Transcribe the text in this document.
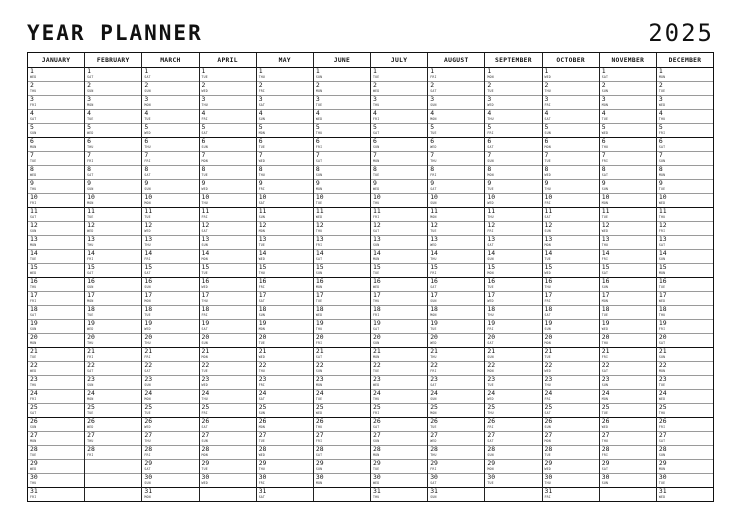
YEAR PLANNER	2025
JANUARY
1
WED
2
THU
3
FRI
4
SAT
5
SUN
6
MON
7
TUE
8
WED
9
THU
10
FRI
11
SAT
12
SUN
13
MON
14
TUE
15
WED
16
THU
17
FRI
18
SAT
19
SUN
20
MON
21
TUE
22
WED
23
THU
24
FRI
25
SAT
26
SUN
27
MON
28
TUE
29
WED
30
THU
31
FRI
FEBRUARY
1
SAT
2
SUN
3
MON
4
TUE
5
WED
6
THU
7
FRI
8
SAT
9
SUN
10
MON
11
TUE
12
WED
13
THU
14
FRI
15
SAT
16
SUN
17
MON
18
TUE
19
WED
20
THU
21
FRI
22
SAT
23
SUN
24
MON
25
TUE
26
WED
27
THU
28
FRI
MARCH
1
SAT
2
SUN
3
MON
4
TUE
5
WED
6
THU
7
FRI
8
SAT
9
SUN
10
MON
11
TUE
12
WED
13
THU
14
FRI
15
SAT
16
SUN
17
MON
18
TUE
19
WED
20
THU
21
FRI
22
SAT
23
SUN
24
MON
25
TUE
26
WED
27
THU
28
FRI
29
SAT
30
SUN
31
MON
APRIL
1
TUE
2
WED
3
THU
4
FRI
5
SAT
6
SUN
7
MON
8
TUE
9
WED
10
THU
11
FRI
12
SAT
13
SUN
14
MON
15
TUE
16
WED
17
THU
18
FRI
19
SAT
20
SUN
21
MON
22
TUE
23
WED
24
THU
25
FRI
26
SAT
27
SUN
28
MON
29
TUE
30
WED
MAY
1
THU
2
FRI
3
SAT
4
SUN
5
MON
6
TUE
7
WED
8
THU
9
FRI
10
SAT
11
SUN
12
MON
13
TUE
14
WED
15
THU
16
FRI
17
SAT
18
SUN
19
MON
20
TUE
21
WED
22
THU
23
FRI
24
SAT
25
SUN
26
MON
27
TUE
28
WED
29
THU
30
FRI
31
SAT
JUNE
1
SUN
2
MON
3
TUE
4
WED
5
THU
6
FRI
7
SAT
8
SUN
9
MON
10
TUE
11
WED
12
THU
13
FRI
14
SAT
15
SUN
16
MON
17
TUE
18
WED
19
THU
20
FRI
21
SAT
22
SUN
23
MON
24
TUE
25
WED
26
THU
27
FRI
28
SAT
29
SUN
30
MON
JULY
1
TUE
2
WED
3
THU
4
FRI
5
SAT
6
SUN
7
MON
8
TUE
9
WED
10
THU
11
FRI
12
SAT
13
SUN
14
MON
15
TUE
16
WED
17
THU
18
FRI
19
SAT
20
SUN
21
MON
22
TUE
23
WED
24
THU
25
FRI
26
SAT
27
SUN
28
MON
29
TUE
30
WED
31
THU
AUGUST
1
FRI
2
SAT
3
SUN
4
MON
5
TUE
6
WED
7
THU
8
FRI
9
SAT
10
SUN
11
MON
12
TUE
13
WED
14
THU
15
FRI
16
SAT
17
SUN
18
MON
19
TUE
20
WED
21
THU
22
FRI
23
SAT
24
SUN
25
MON
26
TUE
27
WED
28
THU
29
FRI
30
SAT
31
SUN
SEPTEMBER
1
MON
2
TUE
3
WED
4
THU
5
FRI
6
SAT
7
SUN
8
MON
9
TUE
10
WED
11
THU
12
FRI
13
SAT
14
SUN
15
MON
16
TUE
17
WED
18
THU
19
FRI
20
SAT
21
SUN
22
MON
23
TUE
24
WED
25
THU
26
FRI
27
SAT
28
SUN
29
MON
30
TUE
OCTOBER
1
WED
2
THU
3
FRI
4
SAT
5
SUN
6
MON
7
TUE
8
WED
9
THU
10
FRI
11
SAT
12
SUN
13
MON
14
TUE
15
WED
16
THU
17
FRI
18
SAT
19
SUN
20
MON
21
TUE
22
WED
23
THU
24
FRI
25
SAT
26
SUN
27
MON
28
TUE
29
WED
30
THU
31
FRI
NOVEMBER
1
SAT
2
SUN
3
MON
4
TUE
5
WED
6
THU
7
FRI
8
SAT
9
SUN
10
MON
11
TUE
12
WED
13
THU
14
FRI
15
SAT
16
SUN
17
MON
18
TUE
19
WED
20
THU
21
FRI
22
SAT
23
SUN
24
MON
25
TUE
26
WED
27
THU
28
FRI
29
SAT
30
SUN
DECEMBER
1
MON
2
TUE
3
WED
4
THU
5
FRI
6
SAT
7
SUN
8
MON
9
TUE
10
WED
11
THU
12
FRI
13
SAT
14
SUN
15
MON
16
TUE
17
WED
18
THU
19
FRI
20
SAT
21
SUN
22
MON
23
TUE
24
WED
25
THU
26
FRI
27
SAT
28
SUN
29
MON
30
TUE
31
WED
